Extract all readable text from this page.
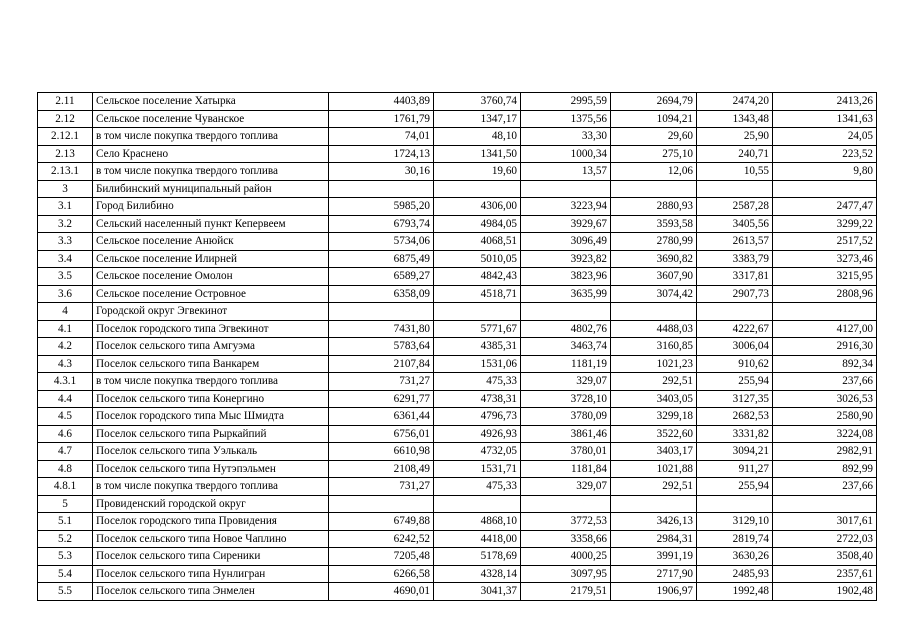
2.11	Сельское поселение Хатырка	4403,89	3760,74	2995,59	2694,79	2474,20	2413,26
2.12	Сельское поселение Чуванское	1761,79	1347,17	1375,56	1094,21	1343,48	1341,63
2.12.1	в том числе покупка твердого топлива	74,01	48,10	33,30	29,60	25,90	24,05
2.13	Село Краснено	1724,13	1341,50	1000,34	275,10	240,71	223,52
2.13.1	в том числе покупка твердого топлива	30,16	19,60	13,57	12,06	10,55	9,80
3	Билибинский муниципальный район						
3.1	Город Билибино	5985,20	4306,00	3223,94	2880,93	2587,28	2477,47
3.2	Сельский населенный пункт Кепервеем	6793,74	4984,05	3929,67	3593,58	3405,56	3299,22
3.3	Сельское поселение Анюйск	5734,06	4068,51	3096,49	2780,99	2613,57	2517,52
3.4	Сельское поселение Илирней	6875,49	5010,05	3923,82	3690,82	3383,79	3273,46
3.5	Сельское поселение Омолон	6589,27	4842,43	3823,96	3607,90	3317,81	3215,95
3.6	Сельское поселение Островное	6358,09	4518,71	3635,99	3074,42	2907,73	2808,96
4	Городской округ Эгвекинот						
4.1	Поселок городского типа Эгвекинот	7431,80	5771,67	4802,76	4488,03	4222,67	4127,00
4.2	Поселок сельского типа Амгуэма	5783,64	4385,31	3463,74	3160,85	3006,04	2916,30
4.3	Поселок сельского типа Ванкарем	2107,84	1531,06	1181,19	1021,23	910,62	892,34
4.3.1	в том числе покупка твердого топлива	731,27	475,33	329,07	292,51	255,94	237,66
4.4	Поселок сельского типа Конергино	6291,77	4738,31	3728,10	3403,05	3127,35	3026,53
4.5	Поселок городского типа Мыс Шмидта	6361,44	4796,73	3780,09	3299,18	2682,53	2580,90
4.6	Поселок сельского типа Рыркайпий	6756,01	4926,93	3861,46	3522,60	3331,82	3224,08
4.7	Поселок сельского типа Уэлькаль	6610,98	4732,05	3780,01	3403,17	3094,21	2982,91
4.8	Поселок сельского типа Нутэпэльмен	2108,49	1531,71	1181,84	1021,88	911,27	892,99
4.8.1	в том числе покупка твердого топлива	731,27	475,33	329,07	292,51	255,94	237,66
5	Провиденский городской округ						
5.1	Поселок городского типа Провидения	6749,88	4868,10	3772,53	3426,13	3129,10	3017,61
5.2	Поселок сельского типа Новое Чаплино	6242,52	4418,00	3358,66	2984,31	2819,74	2722,03
5.3	Поселок сельского типа Сиреники	7205,48	5178,69	4000,25	3991,19	3630,26	3508,40
5.4	Поселок сельского типа Нунлигран	6266,58	4328,14	3097,95	2717,90	2485,93	2357,61
5.5	Поселок сельского типа Энмелен	4690,01	3041,37	2179,51	1906,97	1992,48	1902,48
